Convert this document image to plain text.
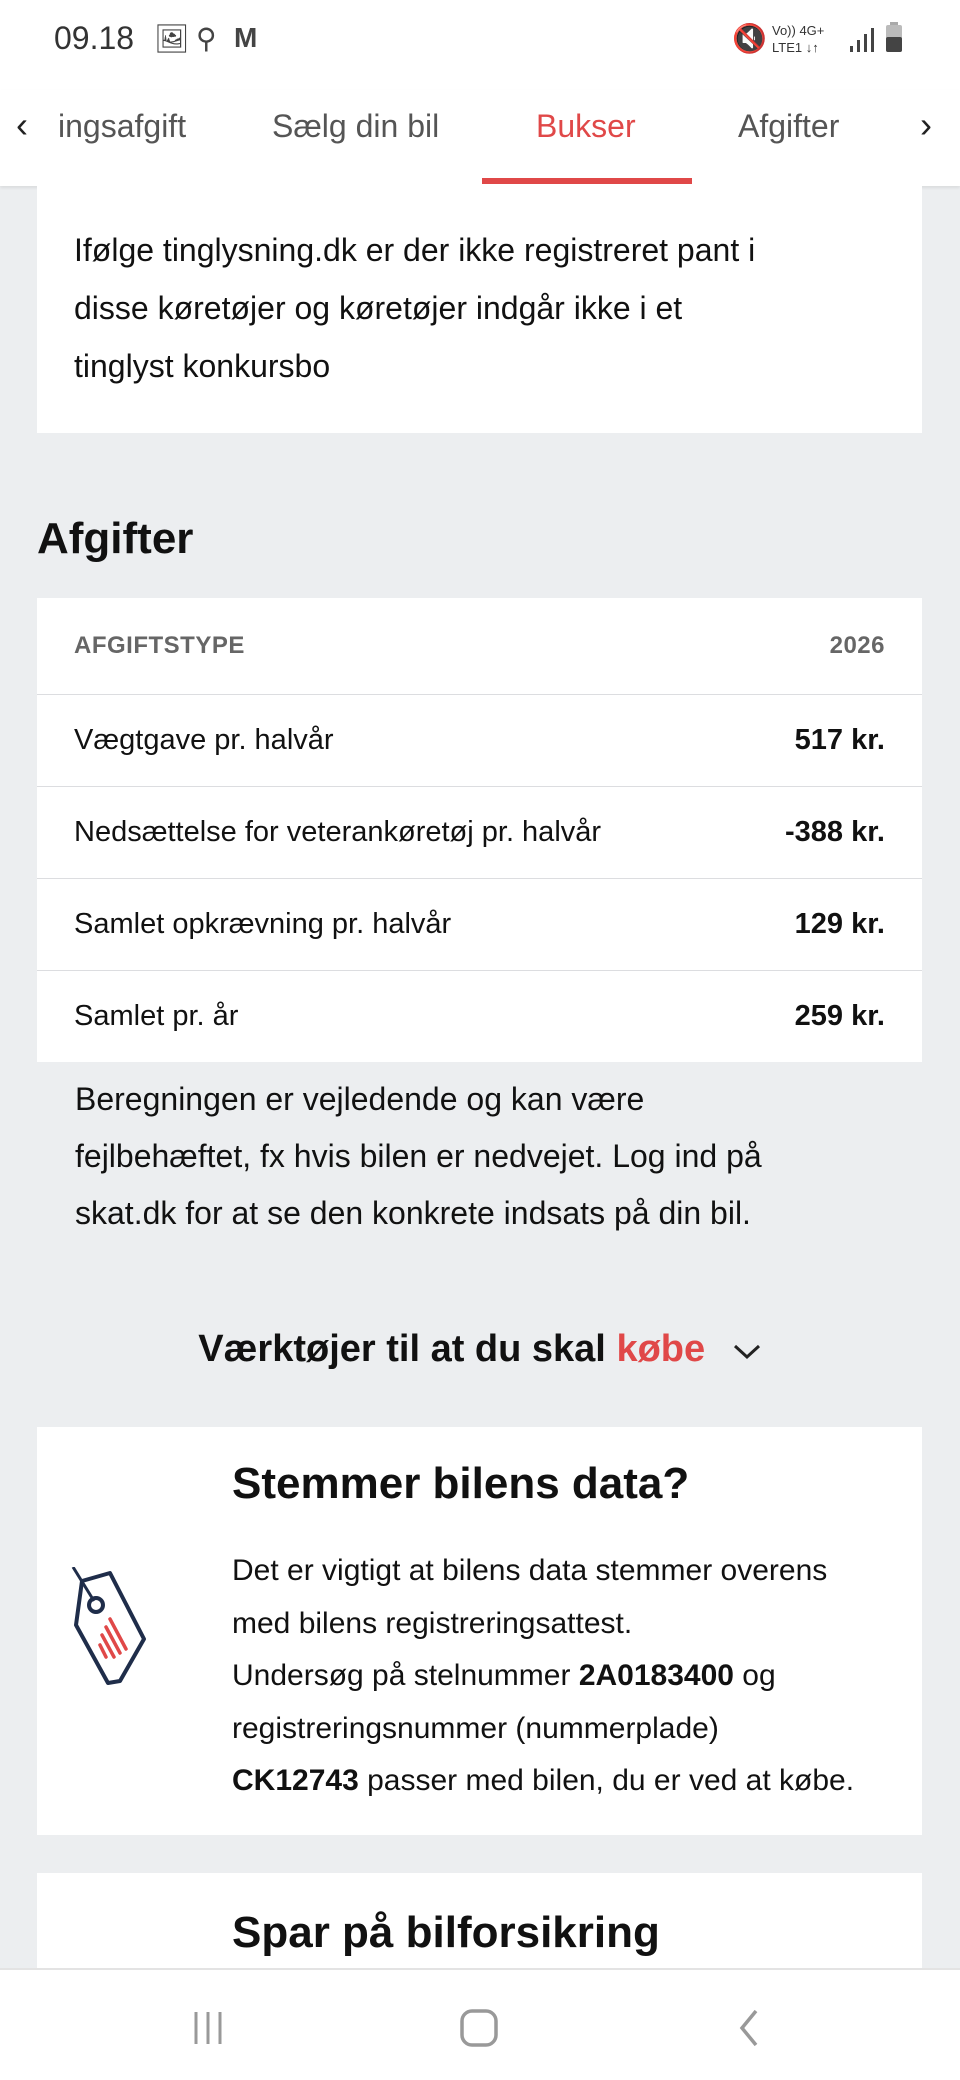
09.18 🖼 ⚲ M	🔇 Vo)) 4G+
LTE1 ↓↑
‹ ingsafgift	Sælg din bil	Bukser	Afgifter ›
Ifølge tinglysning.dk er der ikke registreret pant i
disse køretøjer og køretøjer indgår ikke i et
tinglyst konkursbo
Afgifter
AFGIFTSTYPE	2026
Vægtgave pr. halvår	517 kr.
Nedsættelse for veterankøretøj pr. halvår	-388 kr.
Samlet opkrævning pr. halvår	129 kr.
Samlet pr. år	259 kr.
Beregningen er vejledende og kan være
fejlbehæftet, fx hvis bilen er nedvejet. Log ind på
skat.dk for at se den konkrete indsats på din bil.
Værktøjer til at du skal købe
Stemmer bilens data?
Det er vigtigt at bilens data stemmer overens
med bilens registreringsattest.
Undersøg på stelnummer 2A0183400 og
registreringsnummer (nummerplade)
CK12743 passer med bilen, du er ved at købe.
Spar på bilforsikring
